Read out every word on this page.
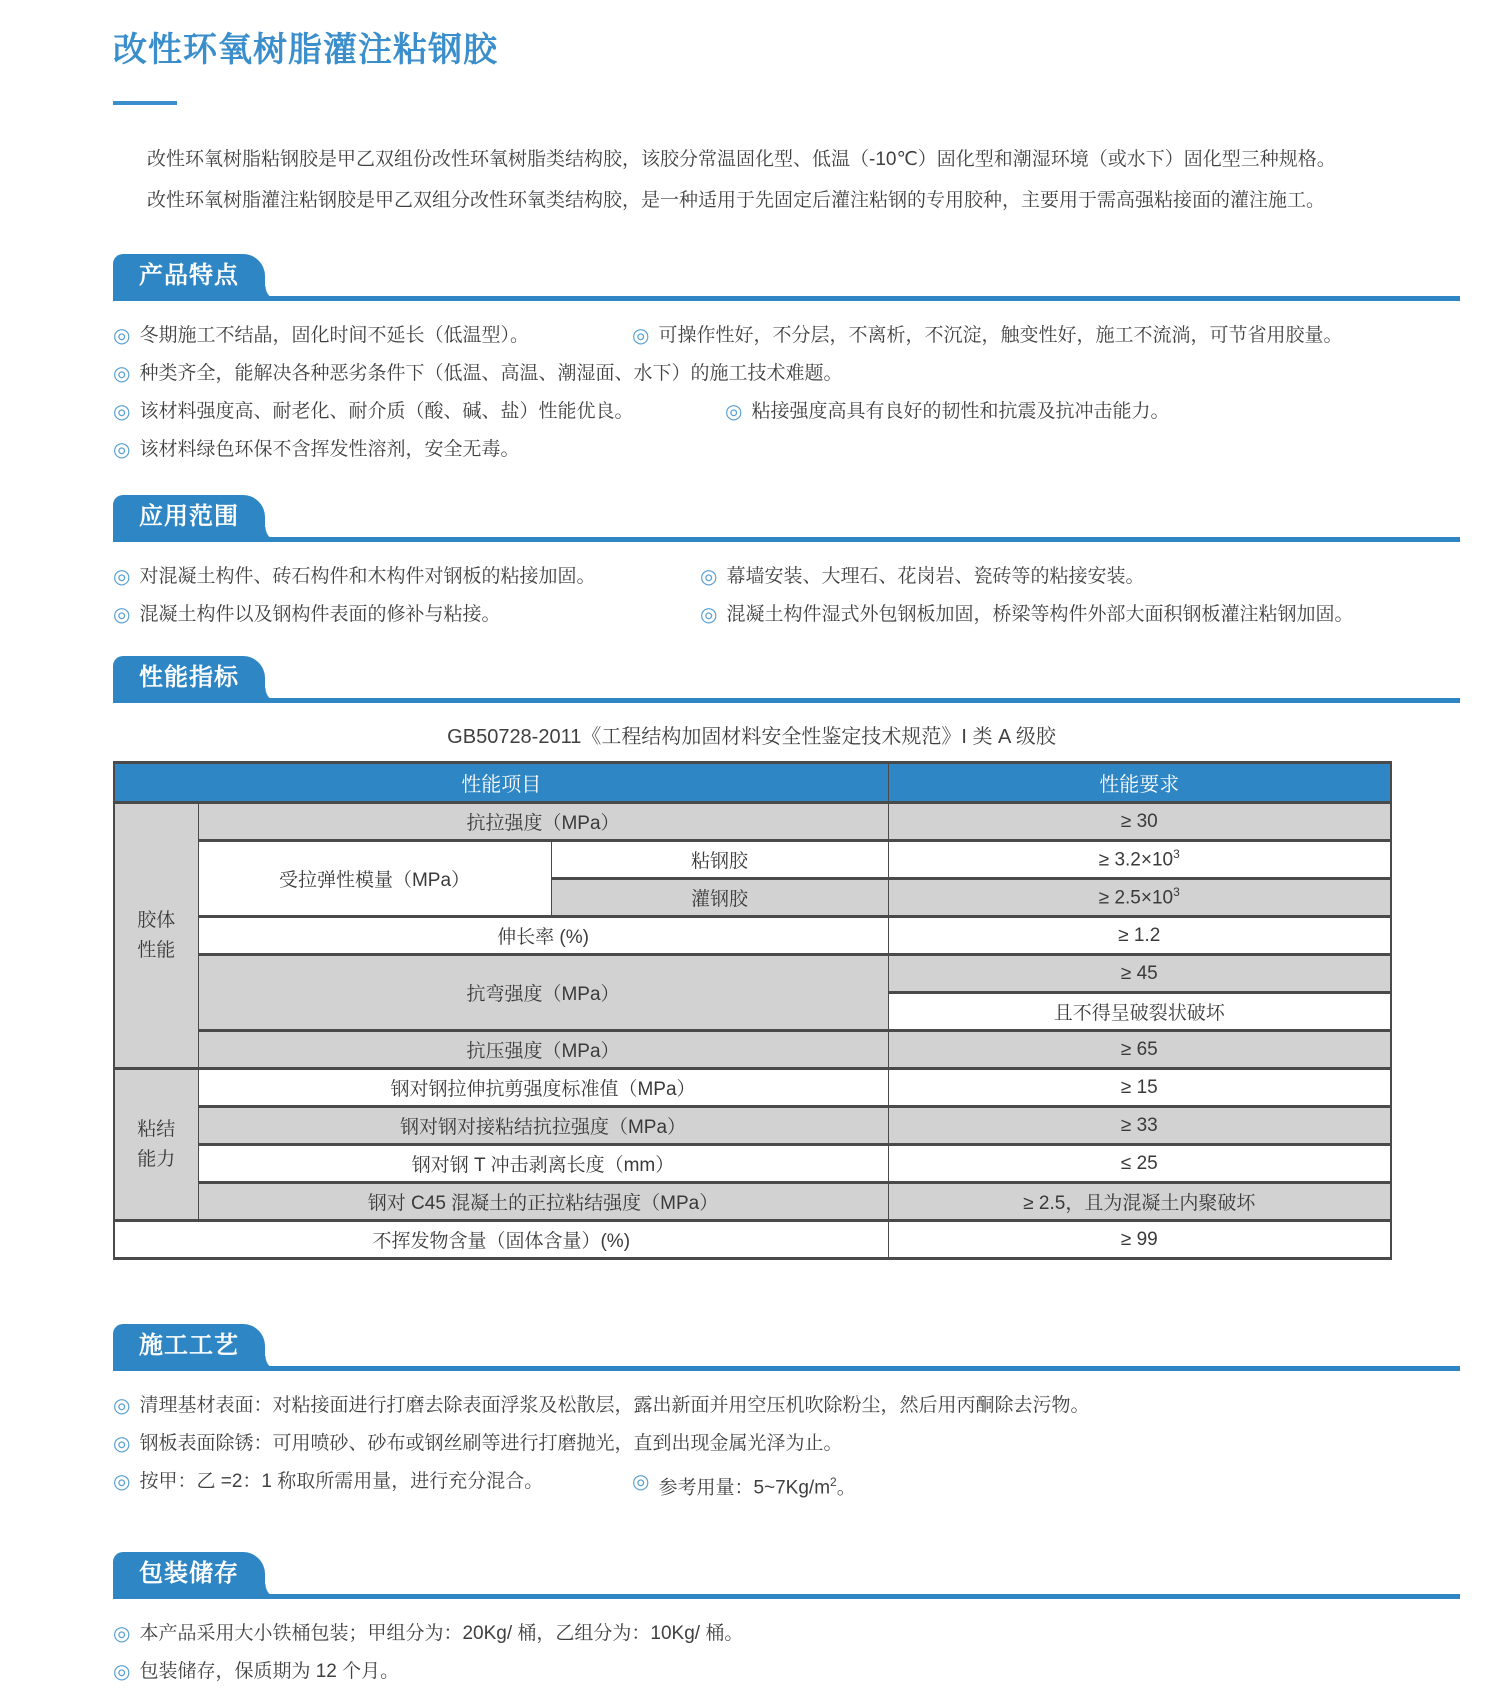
改性环氧树脂灌注粘钢胶

改性环氧树脂粘钢胶是甲乙双组份改性环氧树脂类结构胶，该胶分常温固化型、低温（-10℃）固化型和潮湿环境（或水下）固化型三种规格。

改性环氧树脂灌注粘钢胶是甲乙双组分改性环氧类结构胶，是一种适用于先固定后灌注粘钢的专用胶种，主要用于需高强粘接面的灌注施工。

产品特点
◎ 冬期施工不结晶，固化时间不延长（低温型）。	◎ 可操作性好，不分层，不离析，不沉淀，触变性好，施工不流淌，可节省用胶量。
◎ 种类齐全，能解决各种恶劣条件下（低温、高温、潮湿面、水下）的施工技术难题。
◎ 该材料强度高、耐老化、耐介质（酸、碱、盐）性能优良。	◎ 粘接强度高具有良好的韧性和抗震及抗冲击能力。
◎ 该材料绿色环保不含挥发性溶剂，安全无毒。
应用范围
◎ 对混凝土构件、砖石构件和木构件对钢板的粘接加固。	◎ 幕墙安装、大理石、花岗岩、瓷砖等的粘接安装。
◎ 混凝土构件以及钢构件表面的修补与粘接。	◎ 混凝土构件湿式外包钢板加固，桥梁等构件外部大面积钢板灌注粘钢加固。
性能指标
GB50728-2011《工程结构加固材料安全性鉴定技术规范》I 类 A 级胶
性能项目			性能要求
胶体性能	抗拉强度（MPa）		≥ 30
	受拉弹性模量（MPa）	粘钢胶	≥ $3.2\times 10^3$
		灌钢胶	≥ $2.5\times 10^3$
	伸长率 (%)		≥ 1.2
	抗弯强度（MPa）		≥ 45
			且不得呈破裂状破坏
	抗压强度（MPa）		≥ 65
粘结能力	钢对钢拉伸抗剪强度标准值（MPa）		≥ 15
	钢对钢对接粘结抗拉强度（MPa）		≥ 33
	钢对钢 T 冲击剥离长度（mm）		≤ 25
	钢对 C45 混凝土的正拉粘结强度（MPa）		≥ 2.5，且为混凝土内聚破坏
不挥发物含量（固体含量）(%)			≥ 99
施工工艺
◎ 清理基材表面：对粘接面进行打磨去除表面浮浆及松散层，露出新面并用空压机吹除粉尘，然后用丙酮除去污物。
◎ 钢板表面除锈：可用喷砂、砂布或钢丝刷等进行打磨抛光，直到出现金属光泽为止。
◎ 按甲：乙 =2：1 称取所需用量，进行充分混合。	◎ 参考用量：$5\sim 7Kg/m^2$。
包装储存
◎ 本产品采用大小铁桶包装；甲组分为：20Kg/ 桶，乙组分为：10Kg/ 桶。
◎ 包装储存，保质期为 12 个月。
